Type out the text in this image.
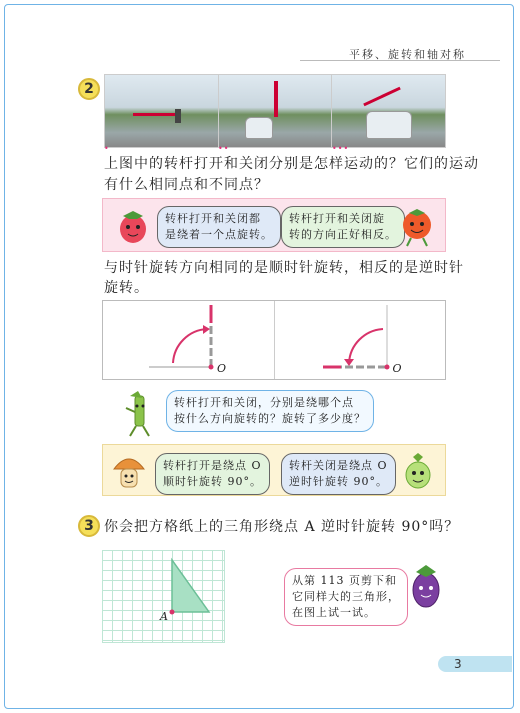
平移、旋转和轴对称
2
•	••	•••

上图中的转杆打开和关闭分别是怎样运动的？它们的运动

有什么相同点和不同点？

转杆打开和关闭都
是绕着一个点旋转。
转杆打开和关闭旋
转的方向正好相反。

与时针旋转方向相同的是顺时针旋转，相反的是逆时针

旋转。

O	O
转杆打开和关闭，分别是绕哪个点
按什么方向旋转的？旋转了多少度？
转杆打开是绕点 O
顺时针旋转 90°。
转杆关闭是绕点 O
逆时针旋转 90°。
3 你会把方格纸上的三角形绕点 A 逆时针旋转 90°吗？

A
从第 113 页剪下和
它同样大的三角形，
在图上试一试。
3
